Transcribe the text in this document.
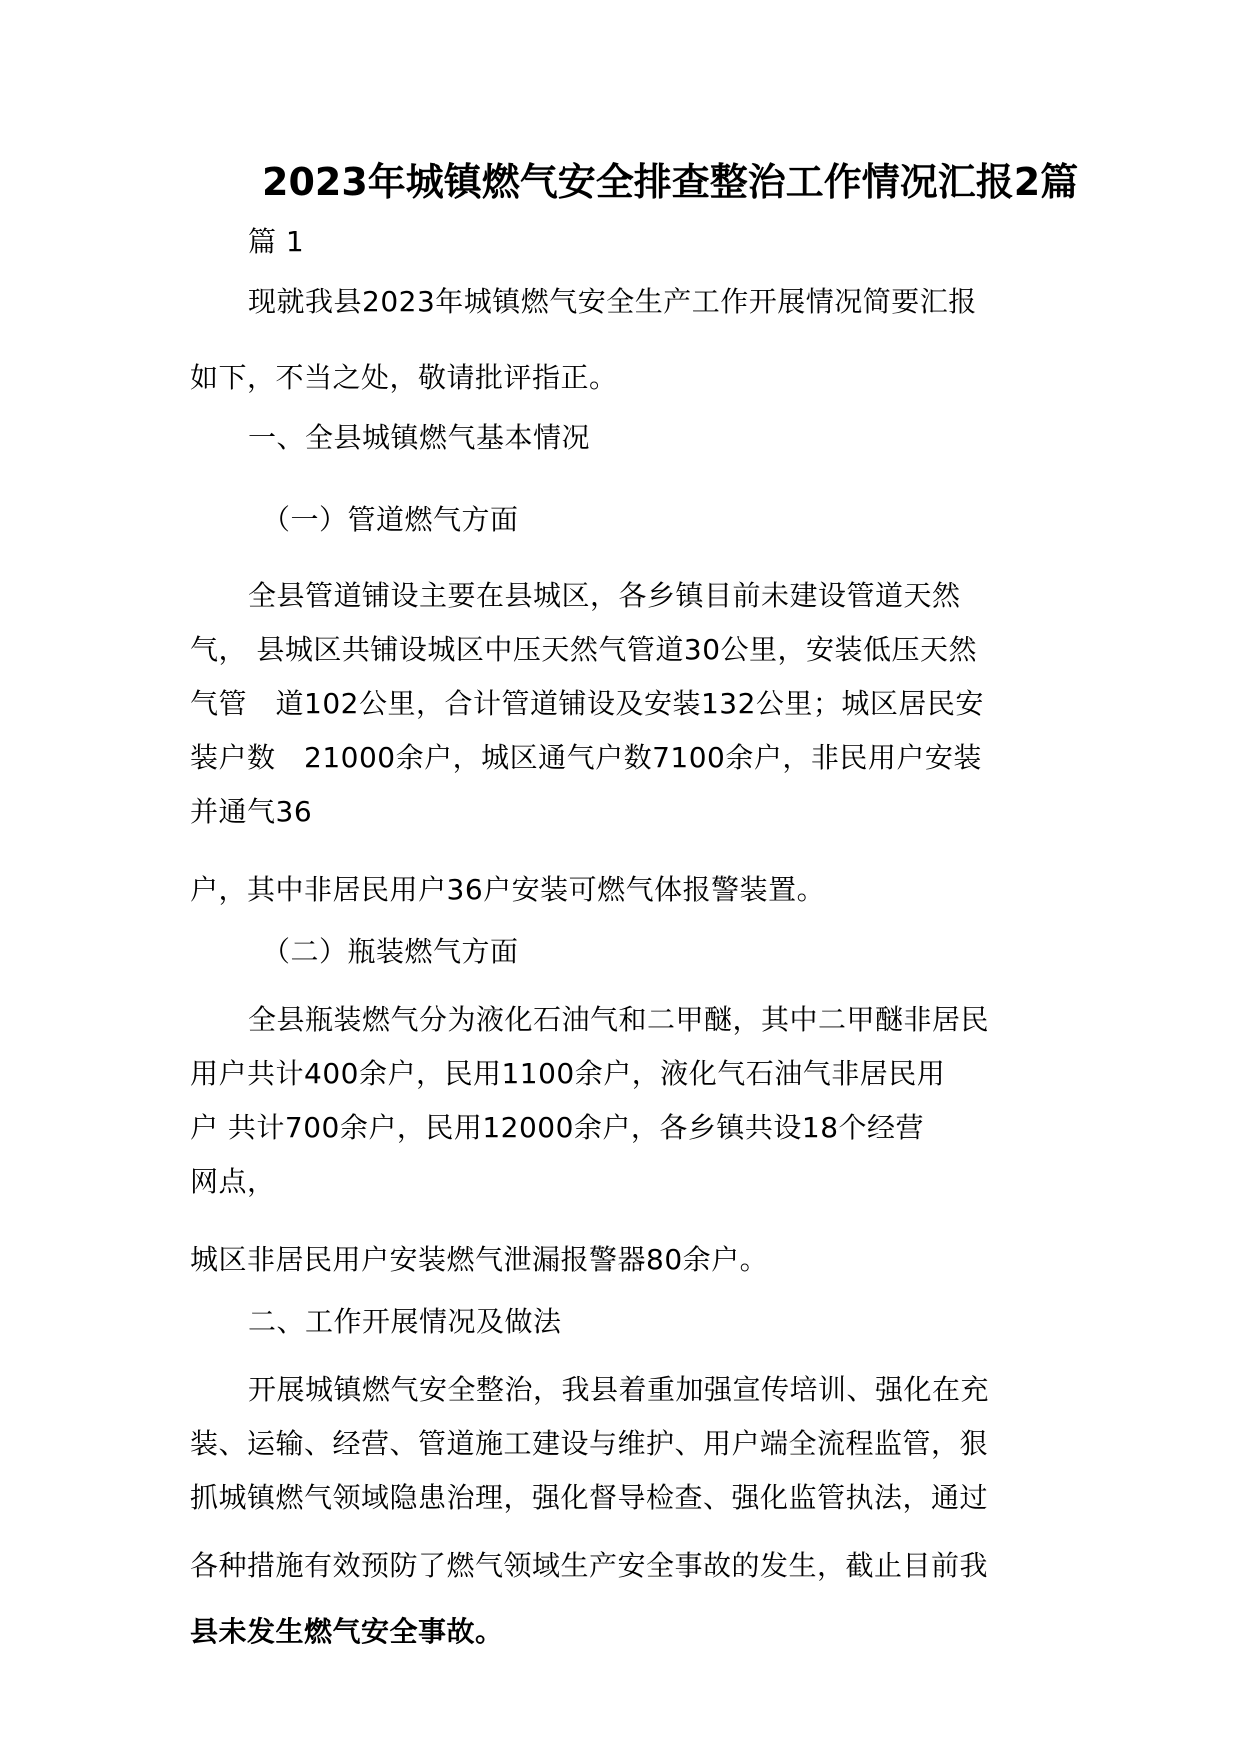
2023年城镇燃气安全排查整治工作情况汇报2篇
篇 1
现就我县2023年城镇燃气安全生产工作开展情况简要汇报
如下，不当之处，敬请批评指正。
一、全县城镇燃气基本情况
（一）管道燃气方面
全县管道铺设主要在县城区，各乡镇目前未建设管道天然
气， 县城区共铺设城区中压天然气管道30公里，安装低压天然
气管　道102公里，合计管道铺设及安装132公里；城区居民安
装户数　21000余户，城区通气户数7100余户，非民用户安装
并通气36
户，其中非居民用户36户安装可燃气体报警装置。
（二）瓶装燃气方面
全县瓶装燃气分为液化石油气和二甲醚，其中二甲醚非居民
用户共计400余户，民用1100余户，液化气石油气非居民用
户 共计700余户，民用12000余户，各乡镇共设18个经营
网点，
城区非居民用户安装燃气泄漏报警器80余户。
二、工作开展情况及做法
开展城镇燃气安全整治，我县着重加强宣传培训、强化在充
装、运输、经营、管道施工建设与维护、用户端全流程监管，狠
抓城镇燃气领域隐患治理，强化督导检查、强化监管执法，通过
各种措施有效预防了燃气领域生产安全事故的发生，截止目前我
县未发生燃气安全事故。
